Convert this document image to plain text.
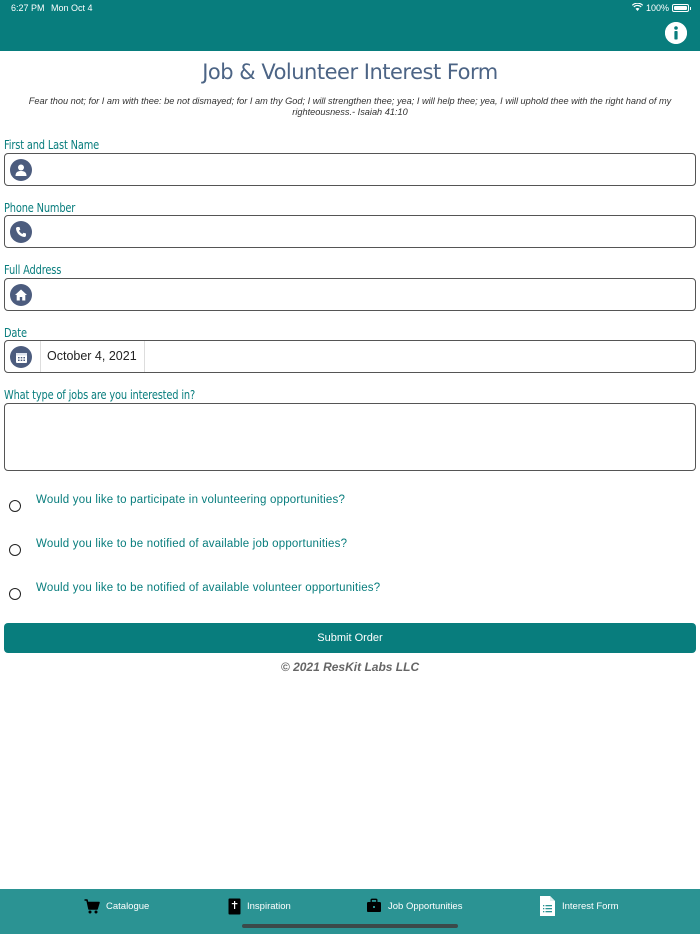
6:27 PM Mon Oct 4	100%
Job & Volunteer Interest Form
Fear thou not; for I am with thee: be not dismayed; for I am thy God; I will strengthen thee; yea; I will help thee; yea, I will uphold thee with the right hand of my righteousness.- Isaiah 41:10
First and Last Name
Phone Number
Full Address
Date
October 4, 2021
What type of jobs are you interested in?
Would you like to participate in volunteering opportunities?
Would you like to be notified of available job opportunities?
Would you like to be notified of available volunteer opportunities?
Submit Order
© 2021 ResKit Labs LLC
Catalogue	Inspiration	Job Opportunities	Interest Form
